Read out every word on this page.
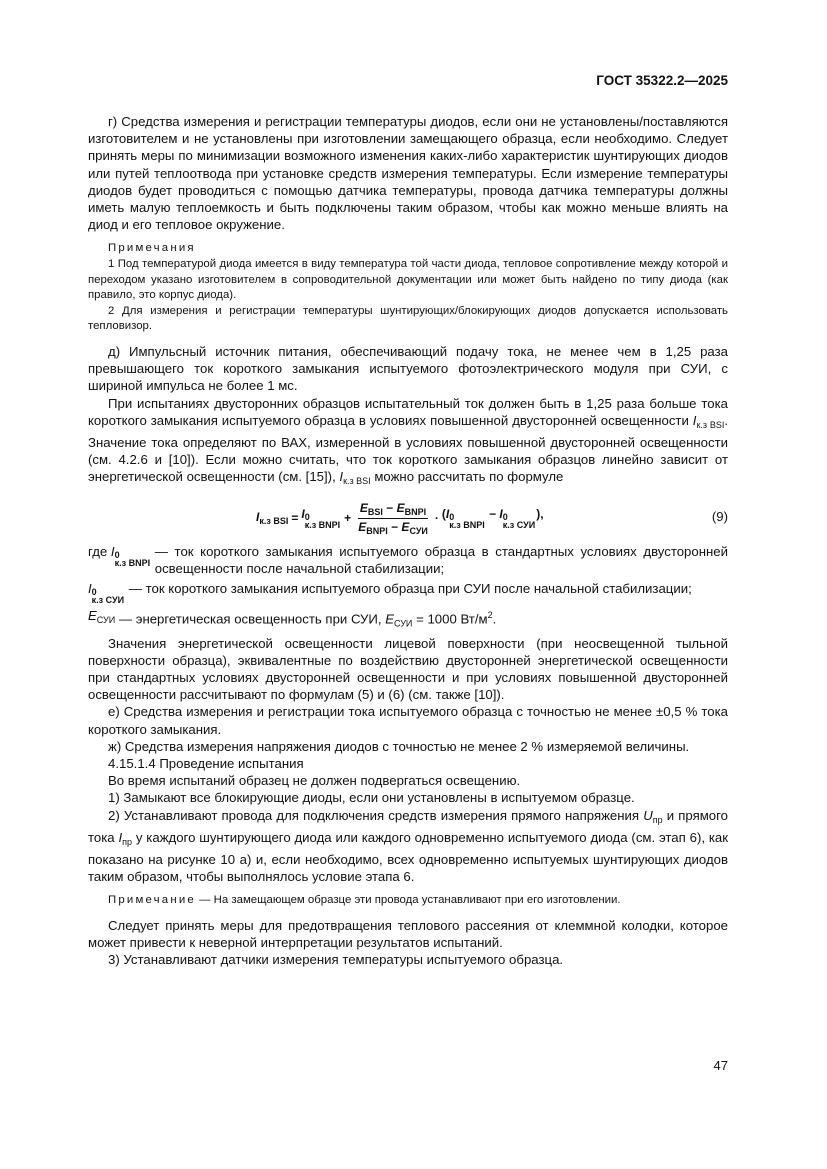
ГОСТ 35322.2—2025

г) Средства измерения и регистрации температуры диодов, если они не установлены/поставляются изготовителем и не установлены при изготовлении замещающего образца, если необходимо. Следует принять меры по минимизации возможного изменения каких-либо характеристик шунтирующих диодов или путей теплоотвода при установке средств измерения температуры. Если измерение температуры диодов будет проводиться с помощью датчика температуры, провода датчика температуры должны иметь малую теплоемкость и быть подключены таким образом, чтобы как можно меньше влиять на диод и его тепловое окружение.

Примечания

1 Под температурой диода имеется в виду температура той части диода, тепловое сопротивление между которой и переходом указано изготовителем в сопроводительной документации или может быть найдено по типу диода (как правило, это корпус диода).

2 Для измерения и регистрации температуры шунтирующих/блокирующих диодов допускается использовать тепловизор.

д) Импульсный источник питания, обеспечивающий подачу тока, не менее чем в 1,25 раза превышающего ток короткого замыкания испытуемого фотоэлектрического модуля при СУИ, с шириной импульса не более 1 мс.

При испытаниях двусторонних образцов испытательный ток должен быть в 1,25 раза больше тока короткого замыкания испытуемого образца в условиях повышенной двусторонней освещенности $I_{к.з BSI}$. Значение тока определяют по ВАХ, измеренной в условиях повышенной двусторонней освещенности (см. 4.2.6 и [10]). Если можно считать, что ток короткого замыкания образцов линейно зависит от энергетической освещенности (см. [15]), $I_{к.з BSI}$ можно рассчитать по формуле

$I_{к.з BSI} = I$ 0
к.з BNPI + $\frac{E_{BSI} - E_{BNPI}}{E_{BNPI} - E_{СУИ}} \cdot (I$ 0
к.з BNPI
− I 0
к.з СУИ
),	(9)
где I 0
к.з BNPI

— ток короткого замыкания испытуемого образца в стандартных условиях двусторонней освещенности после начальной стабилизации;
I 0
к.з СУИ

— ток короткого замыкания испытуемого образца при СУИ после начальной стабилизации;
$E_{СУИ}$ — энергетическая освещенность при СУИ, $E_{СУИ} = 1000$ $Вт/м^2$.

Значения энергетической освещенности лицевой поверхности (при неосвещенной тыльной поверхности образца), эквивалентные по воздействию двусторонней энергетической освещенности при стандартных условиях двусторонней освещенности и при условиях повышенной двусторонней освещенности рассчитывают по формулам (5) и (6) (см. также [10]).

е) Средства измерения и регистрации тока испытуемого образца с точностью не менее ±0,5 % тока короткого замыкания.

ж) Средства измерения напряжения диодов с точностью не менее 2 % измеряемой величины.

4.15.1.4 Проведение испытания

Во время испытаний образец не должен подвергаться освещению.

1) Замыкают все блокирующие диоды, если они установлены в испытуемом образце.

2) Устанавливают провода для подключения средств измерения прямого напряжения $U_{пр}$ и прямого тока $I_{пр}$ у каждого шунтирующего диода или каждого одновременно испытуемого диода (см. этап 6), как показано на рисунке 10 а) и, если необходимо, всех одновременно испытуемых шунтирующих диодов таким образом, чтобы выполнялось условие этапа 6.

Примечание — На замещающем образце эти провода устанавливают при его изготовлении.

Следует принять меры для предотвращения теплового рассеяния от клеммной колодки, которое может привести к неверной интерпретации результатов испытаний.

3) Устанавливают датчики измерения температуры испытуемого образца.

47
